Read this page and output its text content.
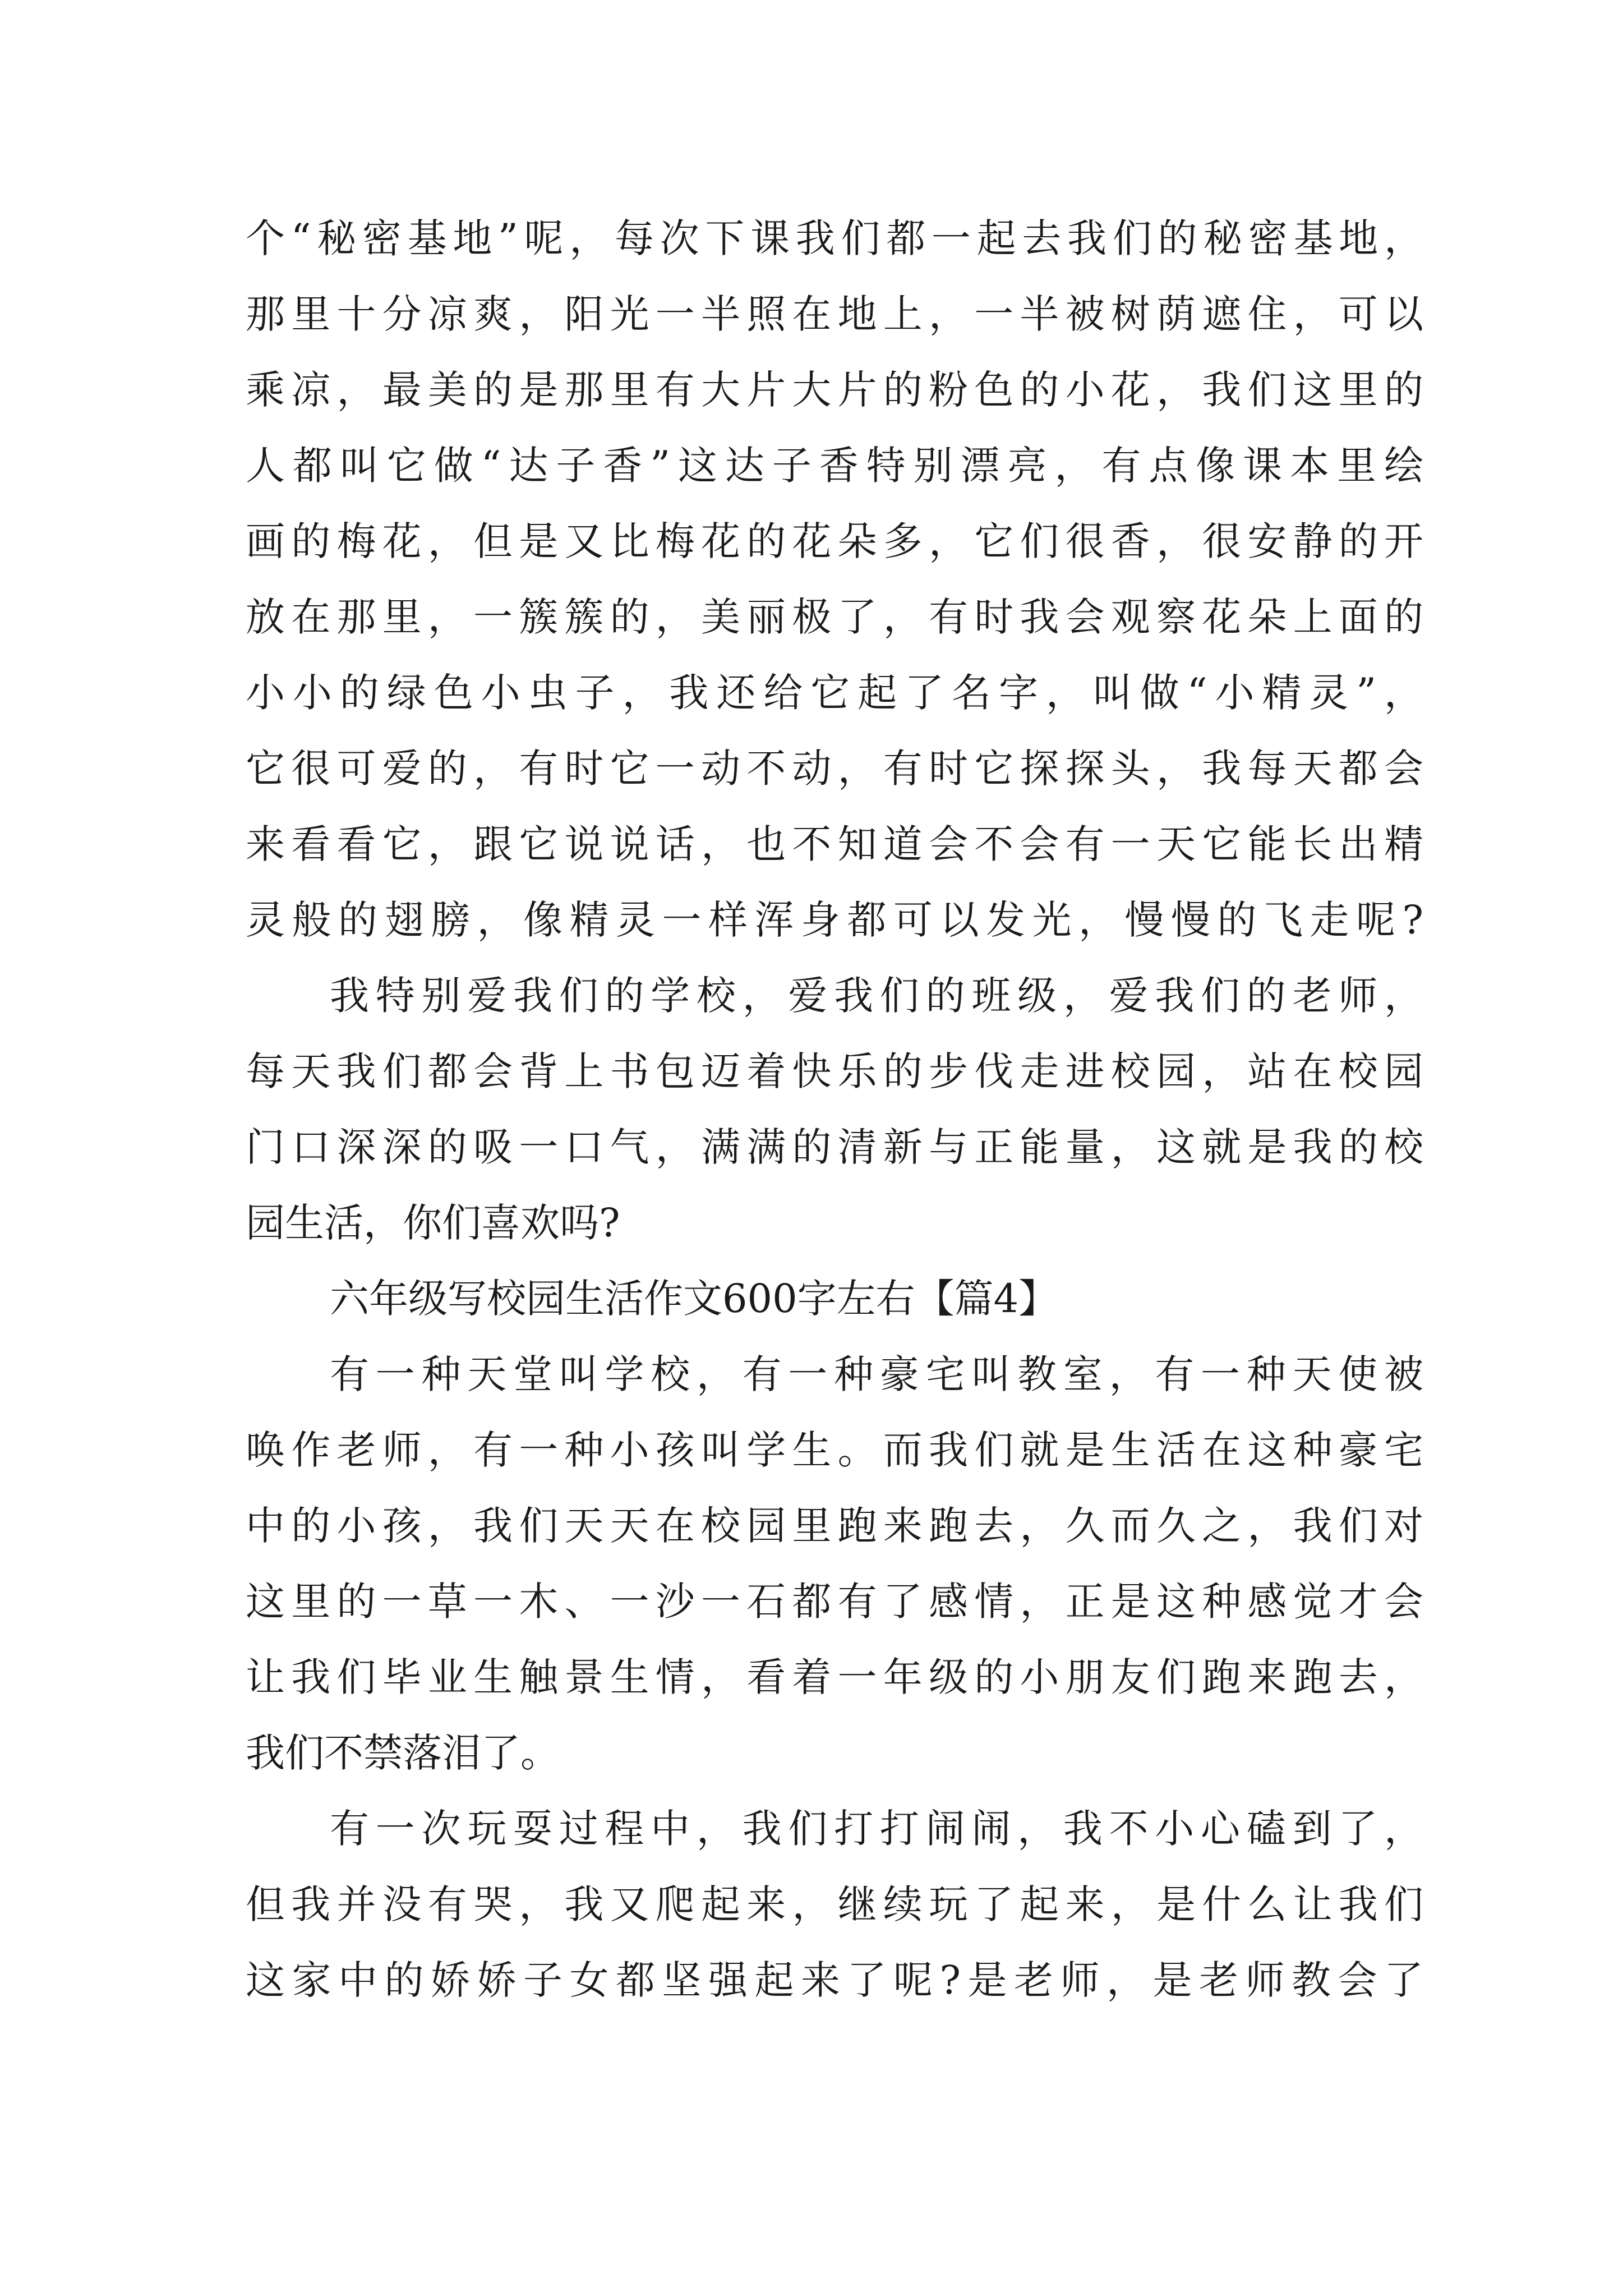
个“秘密基地”呢，每次下课我们都一起去我们的秘密基地，
那里十分凉爽，阳光一半照在地上，一半被树荫遮住，可以
乘凉，最美的是那里有大片大片的粉色的小花，我们这里的
人都叫它做“达子香”这达子香特别漂亮，有点像课本里绘
画的梅花，但是又比梅花的花朵多，它们很香，很安静的开
放在那里，一簇簇的，美丽极了，有时我会观察花朵上面的
小小的绿色小虫子，我还给它起了名字，叫做“小精灵”，
它很可爱的，有时它一动不动，有时它探探头，我每天都会
来看看它，跟它说说话，也不知道会不会有一天它能长出精
灵般的翅膀，像精灵一样浑身都可以发光，慢慢的飞走呢?
我特别爱我们的学校，爱我们的班级，爱我们的老师，
每天我们都会背上书包迈着快乐的步伐走进校园，站在校园
门口深深的吸一口气，满满的清新与正能量，这就是我的校
园生活，你们喜欢吗?
六年级写校园生活作文600字左右【篇4】
有一种天堂叫学校，有一种豪宅叫教室，有一种天使被
唤作老师，有一种小孩叫学生。而我们就是生活在这种豪宅
中的小孩，我们天天在校园里跑来跑去，久而久之，我们对
这里的一草一木、一沙一石都有了感情，正是这种感觉才会
让我们毕业生触景生情，看着一年级的小朋友们跑来跑去，
我们不禁落泪了。
有一次玩耍过程中，我们打打闹闹，我不小心磕到了，
但我并没有哭，我又爬起来，继续玩了起来，是什么让我们
这家中的娇娇子女都坚强起来了呢?是老师，是老师教会了
